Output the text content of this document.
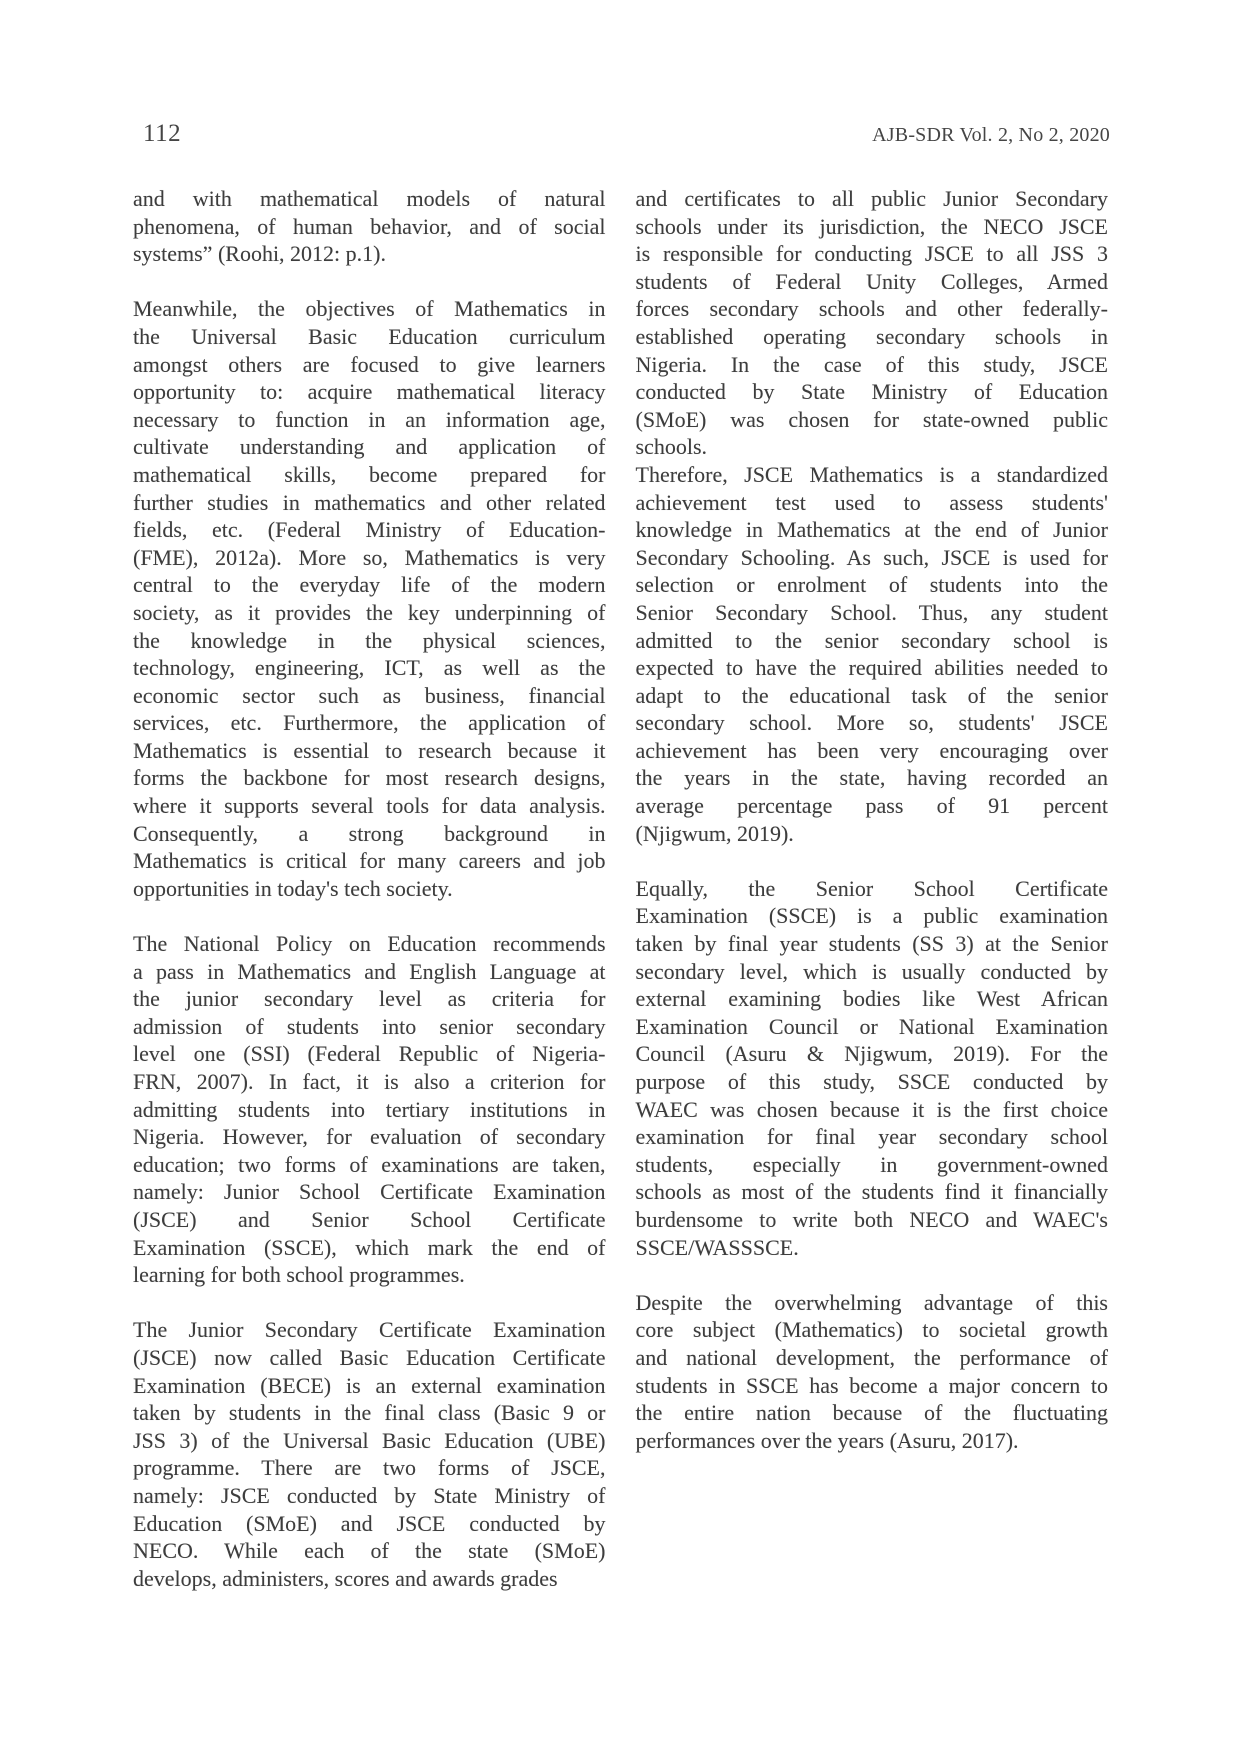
112	AJB-SDR Vol. 2, No 2, 2020
and with mathematical models of natural
phenomena, of human behavior, and of social
systems” (Roohi, 2012: p.1).
Meanwhile, the objectives of Mathematics in
the Universal Basic Education curriculum
amongst others are focused to give learners
opportunity to: acquire mathematical literacy
necessary to function in an information age,
cultivate understanding and application of
mathematical skills, become prepared for
further studies in mathematics and other related
fields, etc. (Federal Ministry of Education-
(FME), 2012a). More so, Mathematics is very
central to the everyday life of the modern
society, as it provides the key underpinning of
the knowledge in the physical sciences,
technology, engineering, ICT, as well as the
economic sector such as business, financial
services, etc. Furthermore, the application of
Mathematics is essential to research because it
forms the backbone for most research designs,
where it supports several tools for data analysis.
Consequently, a strong background in
Mathematics is critical for many careers and job
opportunities in today's tech society.
The National Policy on Education recommends
a pass in Mathematics and English Language at
the junior secondary level as criteria for
admission of students into senior secondary
level one (SSI) (Federal Republic of Nigeria-
FRN, 2007). In fact, it is also a criterion for
admitting students into tertiary institutions in
Nigeria. However, for evaluation of secondary
education; two forms of examinations are taken,
namely: Junior School Certificate Examination
(JSCE) and Senior School Certificate
Examination (SSCE), which mark the end of
learning for both school programmes.
The Junior Secondary Certificate Examination
(JSCE) now called Basic Education Certificate
Examination (BECE) is an external examination
taken by students in the final class (Basic 9 or
JSS 3) of the Universal Basic Education (UBE)
programme. There are two forms of JSCE,
namely: JSCE conducted by State Ministry of
Education (SMoE) and JSCE conducted by
NECO. While each of the state (SMoE)
develops, administers, scores and awards grades
and certificates to all public Junior Secondary
schools under its jurisdiction, the NECO JSCE
is responsible for conducting JSCE to all JSS 3
students of Federal Unity Colleges, Armed
forces secondary schools and other federally-
established operating secondary schools in
Nigeria. In the case of this study, JSCE
conducted by State Ministry of Education
(SMoE) was chosen for state-owned public
schools.
Therefore, JSCE Mathematics is a standardized
achievement test used to assess students'
knowledge in Mathematics at the end of Junior
Secondary Schooling. As such, JSCE is used for
selection or enrolment of students into the
Senior Secondary School. Thus, any student
admitted to the senior secondary school is
expected to have the required abilities needed to
adapt to the educational task of the senior
secondary school. More so, students' JSCE
achievement has been very encouraging over
the years in the state, having recorded an
average percentage pass of 91 percent
(Njigwum, 2019).
Equally, the Senior School Certificate
Examination (SSCE) is a public examination
taken by final year students (SS 3) at the Senior
secondary level, which is usually conducted by
external examining bodies like West African
Examination Council or National Examination
Council (Asuru & Njigwum, 2019). For the
purpose of this study, SSCE conducted by
WAEC was chosen because it is the first choice
examination for final year secondary school
students, especially in government-owned
schools as most of the students find it financially
burdensome to write both NECO and WAEC's
SSCE/WASSSCE.
Despite the overwhelming advantage of this
core subject (Mathematics) to societal growth
and national development, the performance of
students in SSCE has become a major concern to
the entire nation because of the fluctuating
performances over the years (Asuru, 2017).
